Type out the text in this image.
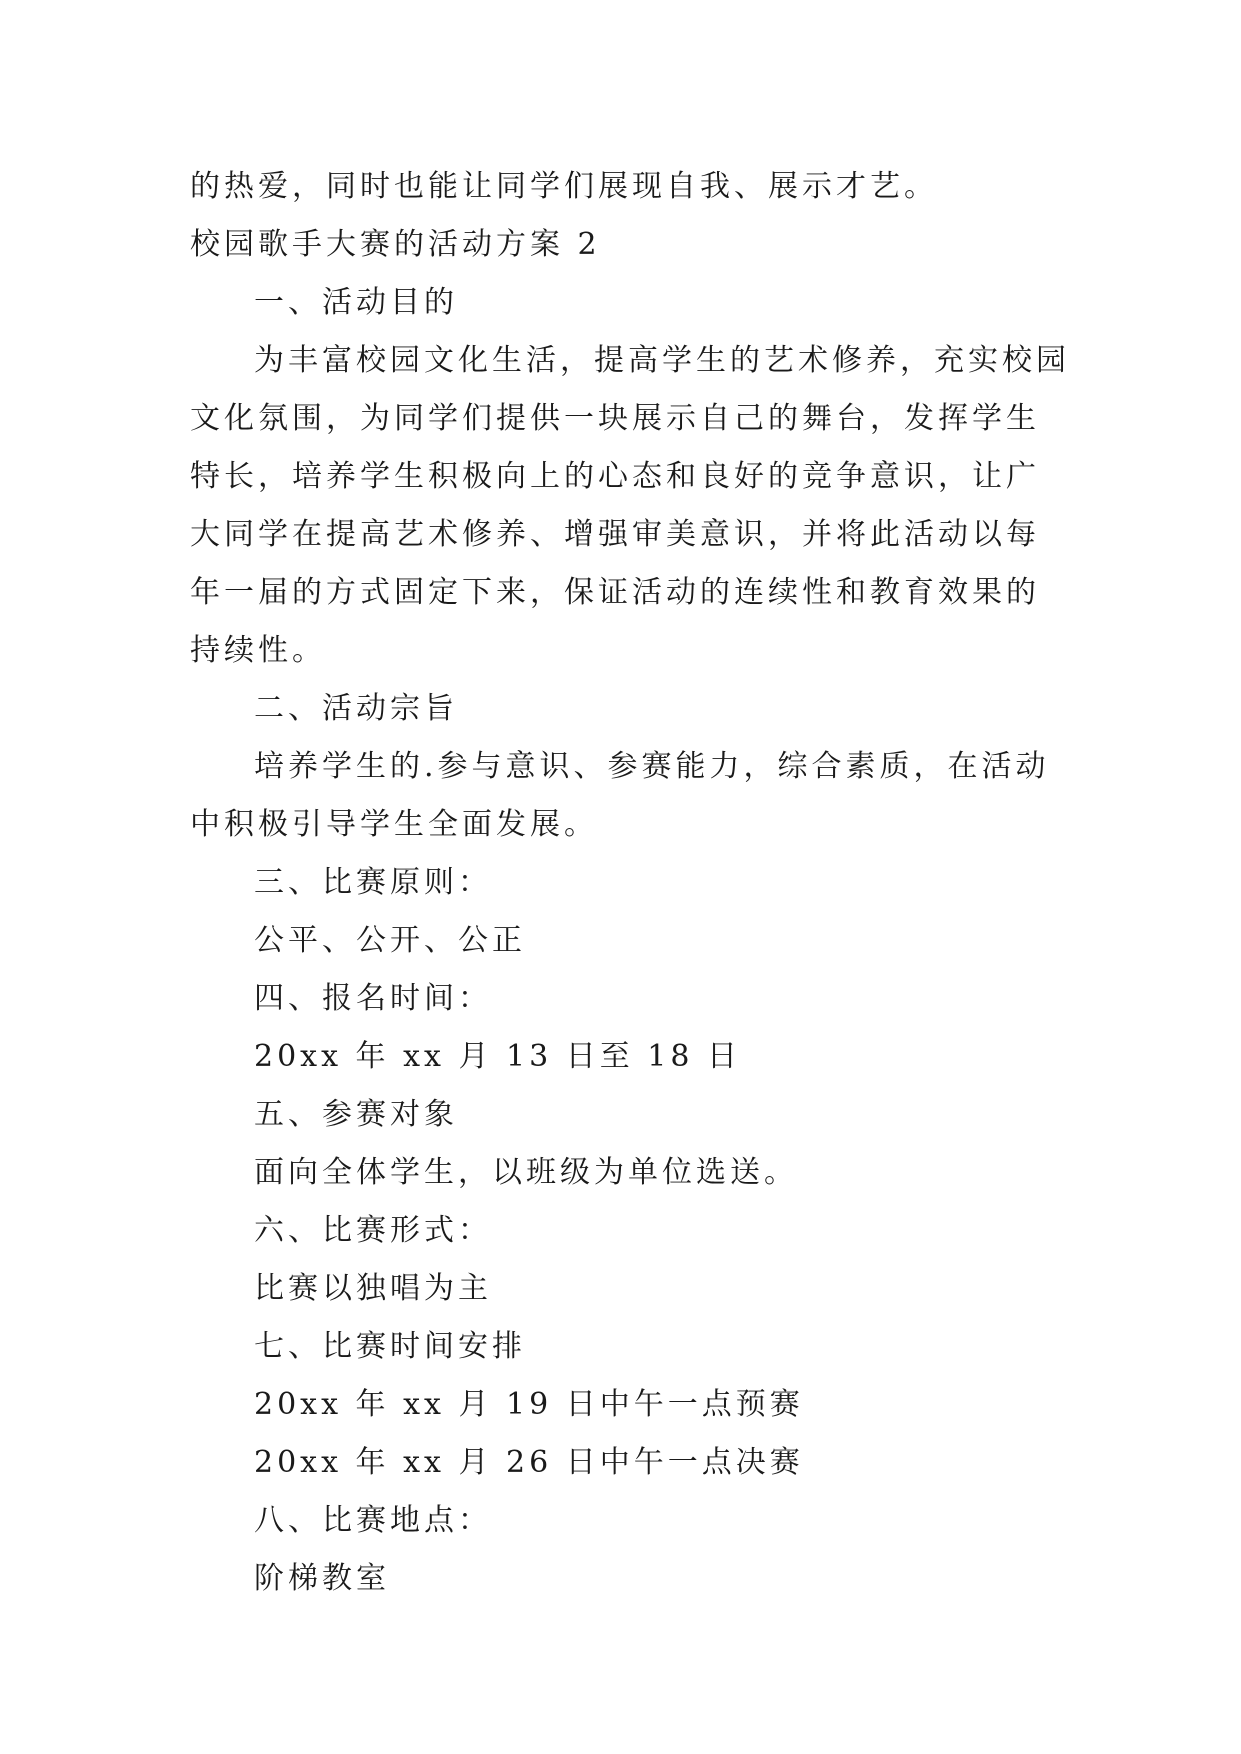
的热爱，同时也能让同学们展现自我、展示才艺。
校园歌手大赛的活动方案 2
一、活动目的
为丰富校园文化生活，提高学生的艺术修养，充实校园文化氛围，为同学们提供一块展示自己的舞台，发挥学生特长，培养学生积极向上的心态和良好的竞争意识，让广大同学在提高艺术修养、增强审美意识，并将此活动以每年一届的方式固定下来，保证活动的连续性和教育效果的持续性。
二、活动宗旨
培养学生的.参与意识、参赛能力，综合素质，在活动中积极引导学生全面发展。
三、比赛原则：
公平、公开、公正
四、报名时间：
20xx 年 xx 月 13 日至 18 日
五、参赛对象
面向全体学生，以班级为单位选送。
六、比赛形式：
比赛以独唱为主
七、比赛时间安排
20xx 年 xx 月 19 日中午一点预赛
20xx 年 xx 月 26 日中午一点决赛
八、比赛地点：
阶梯教室
